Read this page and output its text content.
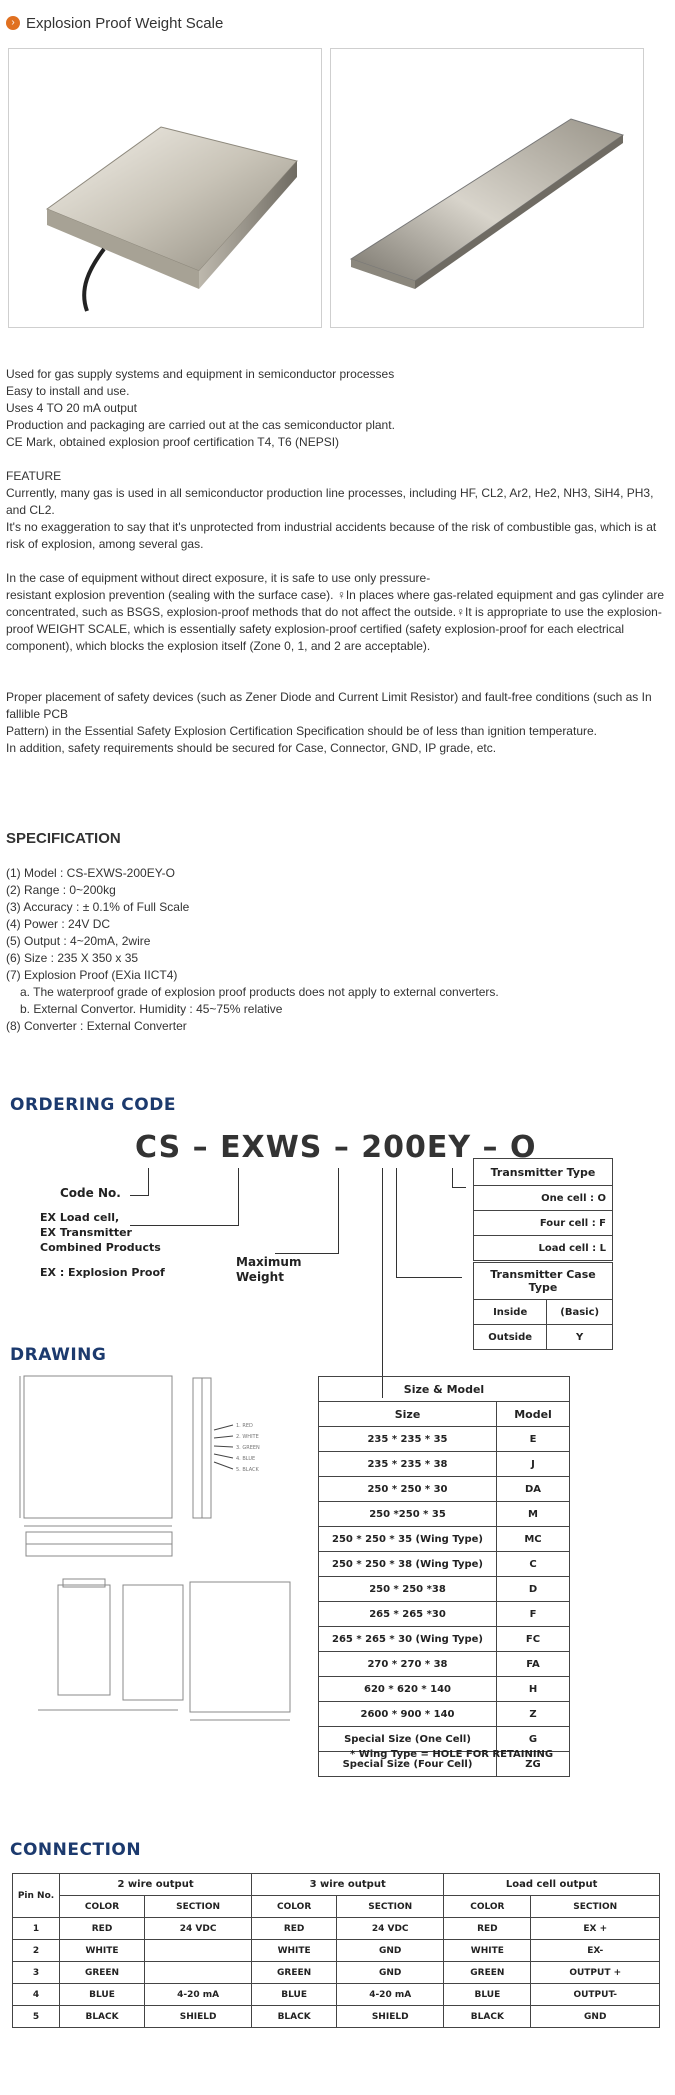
› Explosion Proof Weight Scale
Used for gas supply systems and equipment in semiconductor processes
Easy to install and use.
Uses 4 TO 20 mA output
Production and packaging are carried out at the cas semiconductor plant.
CE Mark, obtained explosion proof certification T4, T6 (NEPSI)
FEATURE
Currently, many gas is used in all semiconductor production line processes, including HF, CL2, Ar2, He2, NH3, SiH4, PH3, and CL2.
It's no exaggeration to say that it's unprotected from industrial accidents because of the risk of combustible gas, which is at risk of explosion, among several gas.
In the case of equipment without direct exposure, it is safe to use only pressure-
resistant explosion prevention (sealing with the surface case). ♀In places where gas-related equipment and gas cylinder are concentrated, such as BSGS, explosion-proof methods that do not affect the outside.♀It is appropriate to use the explosion-proof WEIGHT SCALE, which is essentially safety explosion-proof certified (safety explosion-proof for each electrical component), which blocks the explosion itself (Zone 0, 1, and 2 are acceptable).
Proper placement of safety devices (such as Zener Diode and Current Limit Resistor) and fault-free conditions (such as In fallible PCB
Pattern) in the Essential Safety Explosion Certification Specification should be of less than ignition temperature.
In addition, safety requirements should be secured for Case, Connector, GND, IP grade, etc.
SPECIFICATION
(1) Model : CS-EXWS-200EY-O
(2) Range : 0~200kg
(3) Accuracy : ± 0.1% of Full Scale
(4) Power : 24V DC
(5) Output : 4~20mA, 2wire
(6) Size : 235 X 350 x 35
(7) Explosion Proof (EXia IICT4)
a. The waterproof grade of explosion proof products does not apply to external converters.
b. External Convertor. Humidity : 45~75% relative
(8) Converter : External Converter
ORDERING CODE
CS – EXWS – 200EY – O
Code No.
EX Load cell,
EX Transmitter
Combined Products
EX : Explosion Proof
Maximum
Weight
Transmitter Type
One cell : O
Four cell : F
Load cell : L
Transmitter Case Type	
Inside	(Basic)
Outside	Y
DRAWING
1. RED
2. WHITE
3. GREEN
4. BLUE
5. BLACK
Size & Model	
Size	Model
235 * 235 * 35	E
235 * 235 * 38	J
250 * 250 * 30	DA
250 *250 * 35	M
250 * 250 * 35 (Wing Type)	MC
250 * 250 * 38 (Wing Type)	C
250 * 250 *38	D
265 * 265 *30	F
265 * 265 * 30 (Wing Type)	FC
270 * 270 * 38	FA
620 * 620 * 140	H
2600 * 900 * 140	Z
Special Size (One Cell)	G
Special Size (Four Cell)	ZG
* Wing Type = HOLE FOR RETAINING
CONNECTION
Pin No.	2 wire output		3 wire output		Load cell output	
	COLOR	SECTION	COLOR	SECTION	COLOR	SECTION
1	RED	24 VDC	RED	24 VDC	RED	EX +
2	WHITE		WHITE	GND	WHITE	EX-
3	GREEN		GREEN	GND	GREEN	OUTPUT +
4	BLUE	4-20 mA	BLUE	4-20 mA	BLUE	OUTPUT-
5	BLACK	SHIELD	BLACK	SHIELD	BLACK	GND
